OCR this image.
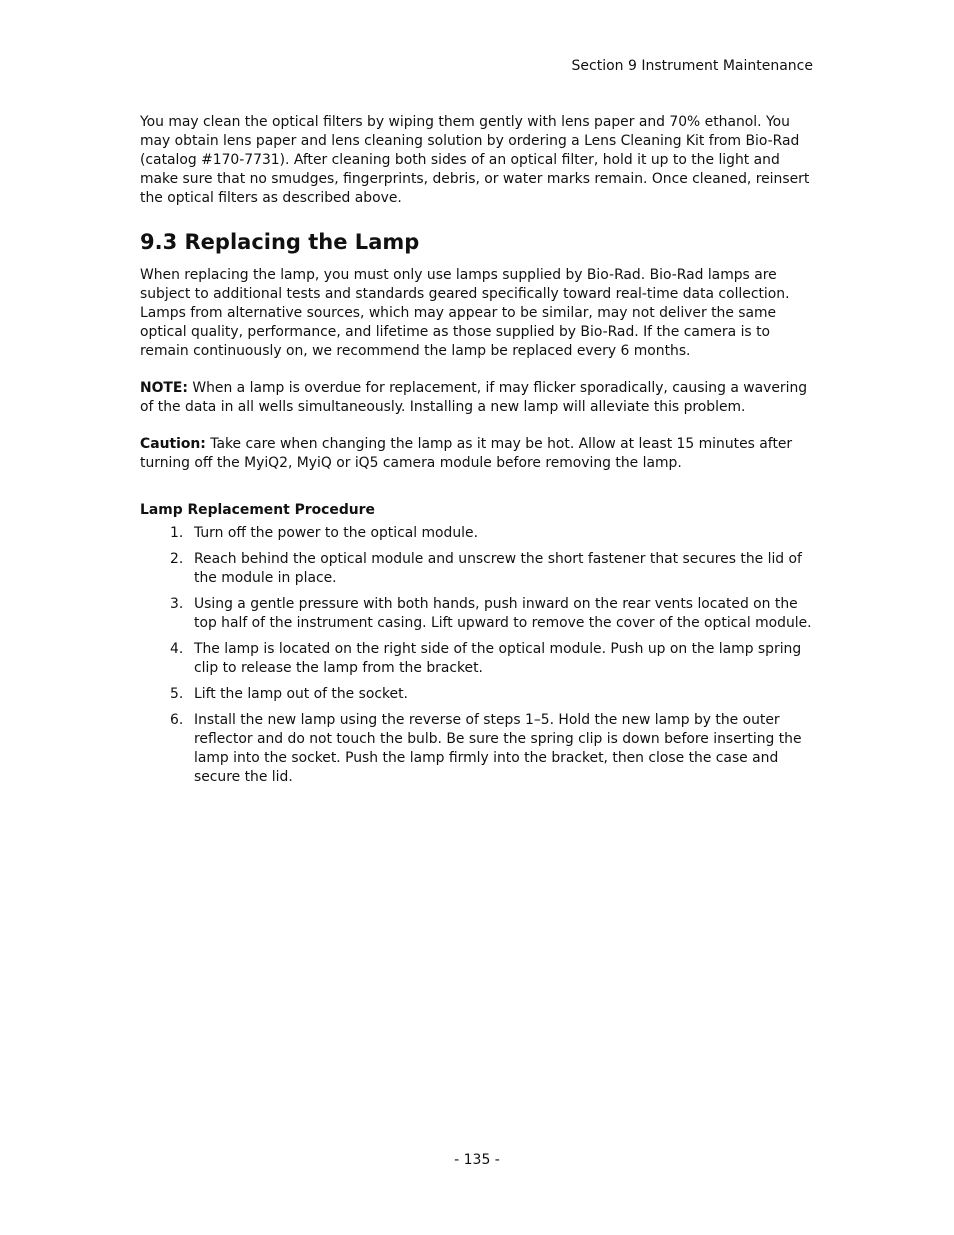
Section 9 Instrument Maintenance

You may clean the optical filters by wiping them gently with lens paper and 70% ethanol. You may obtain lens paper and lens cleaning solution by ordering a Lens Cleaning Kit from Bio-Rad (catalog #170-7731). After cleaning both sides of an optical filter, hold it up to the light and make sure that no smudges, fingerprints, debris, or water marks remain. Once cleaned, reinsert the optical filters as described above.

9.3 Replacing the Lamp

When replacing the lamp, you must only use lamps supplied by Bio-Rad. Bio-Rad lamps are subject to additional tests and standards geared specifically toward real-time data collection. Lamps from alternative sources, which may appear to be similar, may not deliver the same optical quality, performance, and lifetime as those supplied by Bio-Rad. If the camera is to remain continuously on, we recommend the lamp be replaced every 6 months.

NOTE: When a lamp is overdue for replacement, if may flicker sporadically, causing a wavering of the data in all wells simultaneously. Installing a new lamp will alleviate this problem.

Caution: Take care when changing the lamp as it may be hot. Allow at least 15 minutes after turning off the MyiQ2, MyiQ or iQ5 camera module before removing the lamp.

Lamp Replacement Procedure
1. Turn off the power to the optical module.
2. Reach behind the optical module and unscrew the short fastener that secures the lid of the module in place.
3. Using a gentle pressure with both hands, push inward on the rear vents located on the top half of the instrument casing. Lift upward to remove the cover of the optical module.
4. The lamp is located on the right side of the optical module. Push up on the lamp spring clip to release the lamp from the bracket.
5. Lift the lamp out of the socket.
6. Install the new lamp using the reverse of steps 1–5. Hold the new lamp by the outer reflector and do not touch the bulb. Be sure the spring clip is down before inserting the lamp into the socket. Push the lamp firmly into the bracket, then close the case and secure the lid.
- 135 -
